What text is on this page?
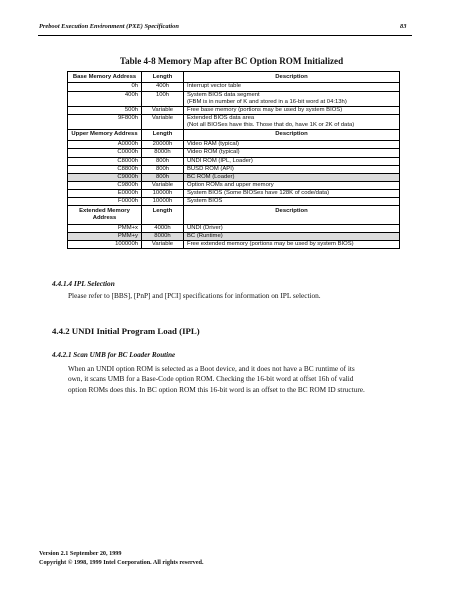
Preboot Execution Environment (PXE) Specification	83
Table 4-8 Memory Map after BC Option ROM Initialized
Base Memory Address	Length	Description
0h	400h	Interrupt vector table

400h	100h	System BIOS data segment
(FBM is in number of K and stored in a 16-bit word at 04:13h)

500h	Variable	Free base memory (portions may be used by system BIOS)

9F800h	Variable	Extended BIOS data area
(Not all BIOSes have this. Those that do, have 1K or 2K of data)

Upper Memory Address	Length	Description
A0000h	20000h	Video RAM (typical)

C0000h	8000h	Video ROM (typical)

C8000h	800h	UNDI ROM (IPL, Loader)

C8800h	800h	BUSD ROM (API)

C9000h	800h	BC ROM (Loader)

C9800h	Variable	Option ROMs and upper memory

E0000h	10000h	System BIOS (Some BIOSes have 128K of code/data)

F0000h	10000h	System BIOS

Extended Memory Address	Length	Description
PMM+x	4000h	UNDI (Driver)

PMM+y	8000h	BC (Runtime)

100000h	Variable	Free extended memory (portions may be used by system BIOS)
4.4.1.4 IPL Selection
Please refer to [BBS], [PnP] and [PCI] specifications for information on IPL selection.
4.4.2 UNDI Initial Program Load (IPL)
4.4.2.1 Scan UMB for BC Loader Routine
When an UNDI option ROM is selected as a Boot device, and it does not have a BC runtime of its
own, it scans UMB for a Base-Code option ROM. Checking the 16-bit word at offset 16h of valid
option ROMs does this. In BC option ROM this 16-bit word is an offset to the BC ROM ID structure.
Version 2.1 September 20, 1999
Copyright © 1998, 1999 Intel Corporation. All rights reserved.
